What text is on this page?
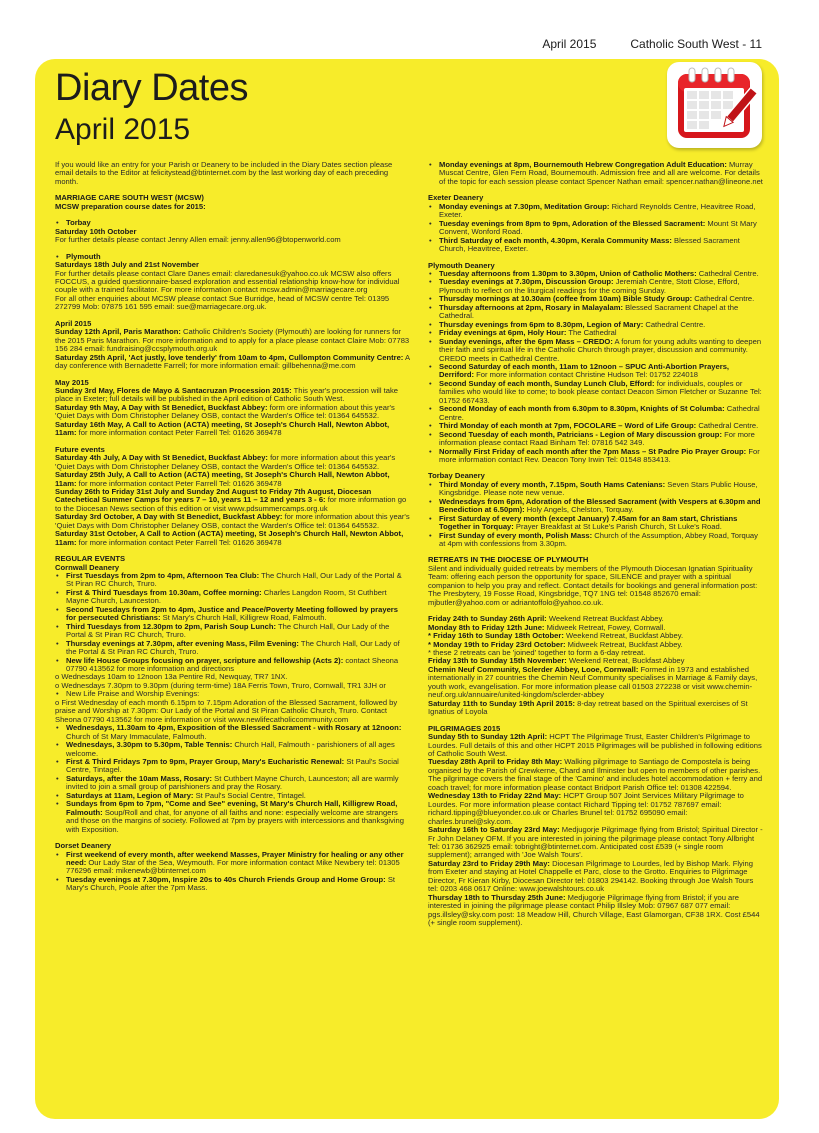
April 2015	Catholic South West - 11
Diary Dates
April 2015

If you would like an entry for your Parish or Deanery to be included in the Diary Dates section please email details to the Editor at felicitystead@btinternet.com by the last working day of each preceding month.

MARRIAGE CARE SOUTH WEST (MCSW)

MCSW preparation course dates for 2015:

• Torbay

Saturday 10th October

For further details please contact Jenny Allen email: jenny.allen96@btopenworld.com

• Plymouth

Saturdays 18th July and 21st November

For further details please contact Clare Danes email: claredanesuk@yahoo.co.uk MCSW also offers FOCCUS, a guided questionnaire-based exploration and essential relationship know-how for individual couple with a trained facilitator. For more information contact mcsw.admin@marriagecare.org

For all other enquiries about MCSW please contact Sue Burridge, head of MCSW centre Tel: 01395 272799 Mob: 07875 161 595 email: sue@marriagecare.org.uk.

April 2015

Sunday 12th April, Paris Marathon: Catholic Children's Society (Plymouth) are looking for runners for the 2015 Paris Marathon. For more information and to apply for a place please contact Claire Mob: 07783 156 284 email: fundraising@ccsplymouth.org.uk

Saturday 25th April, 'Act justly, love tenderly' from 10am to 4pm, Cullompton Community Centre: A day conference with Bernadette Farrell; for more information email: gillbehenna@me.com

May 2015

Sunday 3rd May, Flores de Mayo & Santacruzan Procession 2015: This year's procession will take place in Exeter; full details will be published in the April edition of Catholic South West.

Saturday 9th May, A Day with St Benedict, Buckfast Abbey: form ore information about this year's 'Quiet Days with Dom Christopher Delaney OSB, contact the Warden's Office tel: 01364 645532.

Saturday 16th May, A Call to Action (ACTA) meeting, St Joseph's Church Hall, Newton Abbot, 11am: for more information contact Peter Farrell Tel: 01626 369478

Future events

Saturday 4th July, A Day with St Benedict, Buckfast Abbey: for more information about this year's 'Quiet Days with Dom Christopher Delaney OSB, contact the Warden's Office tel: 01364 645532.

Saturday 25th July, A Call to Action (ACTA) meeting, St Joseph's Church Hall, Newton Abbot, 11am: for more information contact Peter Farrell Tel: 01626 369478

Sunday 26th to Friday 31st July and Sunday 2nd August to Friday 7th August, Diocesan Catechetical Summer Camps for years 7 – 10, years 11 – 12 and years 3 - 6: for more information go to the Diocesan News section of this edition or visit www.pdsummercamps.org.uk

Saturday 3rd October, A Day with St Benedict, Buckfast Abbey: for more information about this year's 'Quiet Days with Dom Christopher Delaney OSB, contact the Warden's Office tel: 01364 645532.

Saturday 31st October, A Call to Action (ACTA) meeting, St Joseph's Church Hall, Newton Abbot, 11am: for more information contact Peter Farrell Tel: 01626 369478

REGULAR EVENTS

Cornwall Deanery

• First Tuesdays from 2pm to 4pm, Afternoon Tea Club: The Church Hall, Our Lady of the Portal & St Piran RC Church, Truro.

• First & Third Tuesdays from 10.30am, Coffee morning: Charles Langdon Room, St Cuthbert Mayne Church, Launceston.

• Second Tuesdays from 2pm to 4pm, Justice and Peace/Poverty Meeting followed by prayers for persecuted Christians: St Mary's Church Hall, Killigrew Road, Falmouth.

• Third Tuesdays from 12.30pm to 2pm, Parish Soup Lunch: The Church Hall, Our Lady of the Portal & St Piran RC Church, Truro.

• Thursday evenings at 7.30pm, after evening Mass, Film Evening: The Church Hall, Our Lady of the Portal & St Piran RC Church, Truro.

• New life House Groups focusing on prayer, scripture and fellowship (Acts 2): contact Sheona 07790 413562 for more information and directions

o Wednesdays 10am to 12noon 13a Pentire Rd, Newquay, TR7 1NX.

o Wednesdays 7.30pm to 9.30pm (during term-time) 18A Ferris Town, Truro, Cornwall, TR1 3JH or

• New Life Praise and Worship Evenings:

o First Wednesday of each month 6.15pm to 7.15pm Adoration of the Blessed Sacrament, followed by praise and Worship at 7.30pm: Our Lady of the Portal and St Piran Catholic Church, Truro. Contact Sheona 07790 413562 for more information or visit www.newlifecatholiccommunity.com

• Wednesdays, 11.30am to 4pm, Exposition of the Blessed Sacrament - with Rosary at 12noon: Church of St Mary Immaculate, Falmouth.

• Wednesdays, 3.30pm to 5.30pm, Table Tennis: Church Hall, Falmouth - parishioners of all ages welcome.

• First & Third Fridays 7pm to 9pm, Prayer Group, Mary's Eucharistic Renewal: St Paul's Social Centre, Tintagel.

• Saturdays, after the 10am Mass, Rosary: St Cuthbert Mayne Church, Launceston; all are warmly invited to join a small group of parishioners and pray the Rosary.

• Saturdays at 11am, Legion of Mary: St Paul's Social Centre, Tintagel.

• Sundays from 6pm to 7pm, "Come and See" evening, St Mary's Church Hall, Killigrew Road, Falmouth: Soup/Roll and chat, for anyone of all faiths and none: especially welcome are strangers and those on the margins of society. Followed at 7pm by prayers with intercessions and thanksgiving with Exposition.

Dorset Deanery

• First weekend of every month, after weekend Masses, Prayer Ministry for healing or any other need: Our Lady Star of the Sea, Weymouth. For more information contact Mike Newbery tel: 01305 776296 email: mikenewb@btinternet.com

• Tuesday evenings at 7.30pm, Inspire 20s to 40s Church Friends Group and Home Group: St Mary's Church, Poole after the 7pm Mass.

• Monday evenings at 8pm, Bournemouth Hebrew Congregation Adult Education: Murray Muscat Centre, Glen Fern Road, Bournemouth. Admission free and all are welcome. For details of the topic for each session please contact Spencer Nathan email: spencer.nathan@lineone.net

Exeter Deanery

• Monday evenings at 7.30pm, Meditation Group: Richard Reynolds Centre, Heavitree Road, Exeter.

• Tuesday evenings from 8pm to 9pm, Adoration of the Blessed Sacrament: Mount St Mary Convent, Wonford Road.

• Third Saturday of each month, 4.30pm, Kerala Community Mass: Blessed Sacrament Church, Heavitree, Exeter.

Plymouth Deanery

• Tuesday afternoons from 1.30pm to 3.30pm, Union of Catholic Mothers: Cathedral Centre.

• Tuesday evenings at 7.30pm, Discussion Group: Jeremiah Centre, Stott Close, Efford, Plymouth to reflect on the liturgical readings for the coming Sunday.

• Thursday mornings at 10.30am (coffee from 10am) Bible Study Group: Cathedral Centre.

• Thursday afternoons at 2pm, Rosary in Malayalam: Blessed Sacrament Chapel at the Cathedral.

• Thursday evenings from 6pm to 8.30pm, Legion of Mary: Cathedral Centre.

• Friday evenings at 6pm, Holy Hour: The Cathedral

• Sunday evenings, after the 6pm Mass – CREDO: A forum for young adults wanting to deepen their faith and spiritual life in the Catholic Church through prayer, discussion and community. CREDO meets in Cathedral Centre.

• Second Saturday of each month, 11am to 12noon – SPUC Anti-Abortion Prayers, Derriford: For more information contact Christine Hudson Tel: 01752 224018

• Second Sunday of each month, Sunday Lunch Club, Efford: for individuals, couples or families who would like to come; to book please contact Deacon Simon Fletcher or Suzanne Tel: 01752 667433.

• Second Monday of each month from 6.30pm to 8.30pm, Knights of St Columba: Cathedral Centre.

• Third Monday of each month at 7pm, FOCOLARE – Word of Life Group: Cathedral Centre.

• Second Tuesday of each month, Patricians - Legion of Mary discussion group: For more information please contact Raad Binham Tel: 07816 542 349.

• Normally First Friday of each month after the 7pm Mass – St Padre Pio Prayer Group: For more information contact Rev. Deacon Tony Irwin Tel: 01548 853413.

Torbay Deanery

• Third Monday of every month, 7.15pm, South Hams Catenians: Seven Stars Public House, Kingsbridge. Please note new venue.

• Wednesdays from 6pm, Adoration of the Blessed Sacrament (with Vespers at 6.30pm and Benediction at 6.50pm): Holy Angels, Chelston, Torquay.

• First Saturday of every month (except January) 7.45am for an 8am start, Christians Together in Torquay: Prayer Breakfast at St Luke's Parish Church, St Luke's Road.

• First Sunday of every month, Polish Mass: Church of the Assumption, Abbey Road, Torquay at 4pm with confessions from 3.30pm.

RETREATS IN THE DIOCESE OF PLYMOUTH

Silent and individually guided retreats by members of the Plymouth Diocesan Ignatian Spirituality Team: offering each person the opportunity for space, SILENCE and prayer with a spiritual companion to help you pray and reflect. Contact details for bookings and general information post: The Presbytery, 19 Fosse Road, Kingsbridge, TQ7 1NG tel: 01548 852670 email: mjbutler@yahoo.com or adriantoffolo@yahoo.co.uk.

Friday 24th to Sunday 26th April: Weekend Retreat Buckfast Abbey.

Monday 8th to Friday 12th June: Midweek Retreat, Fowey, Cornwall.

* Friday 16th to Sunday 18th October: Weekend Retreat, Buckfast Abbey.

* Monday 19th to Friday 23rd October: Midweek Retreat, Buckfast Abbey.

* these 2 retreats can be 'joined' together to form a 6-day retreat.

Friday 13th to Sunday 15th November: Weekend Retreat, Buckfast Abbey

Chemin Neuf Community, Sclerder Abbey, Looe, Cornwall: Formed in 1973 and established internationally in 27 countries the Chemin Neuf Community specialises in Marriage & Family days, youth work, evangelisation. For more information please call 01503 272238 or visit www.chemin-neuf.org.uk/annuaire/united-kingdom/sclerder-abbey

Saturday 11th to Sunday 19th April 2015: 8-day retreat based on the Spiritual exercises of St Ignatius of Loyola

PILGRIMAGES 2015

Sunday 5th to Sunday 12th April: HCPT The Pilgrimage Trust, Easter Children's Pilgrimage to Lourdes. Full details of this and other HCPT 2015 Pilgrimages will be published in following editions of Catholic South West.

Tuesday 28th April to Friday 8th May: Walking pilgrimage to Santiago de Compostela is being organised by the Parish of Crewkerne, Chard and Ilminster but open to members of other parishes. The pilgrimage covers the final stage of the 'Camino' and includes hotel accommodation + ferry and coach travel; for more information please contact Bridport Parish Office tel: 01308 422594.

Wednesday 13th to Friday 22nd May: HCPT Group 507 Joint Services Military Pilgrimage to Lourdes. For more information please contact Richard Tipping tel: 01752 787697 email: richard.tipping@blueyonder.co.uk or Charles Brunel tel: 01752 695090 email: charles.brunel@sky.com.

Saturday 16th to Saturday 23rd May: Medjugorje Pilgrimage flying from Bristol; Spiritual Director - Fr John Delaney OFM. If you are interested in joining the pilgrimage please contact Tony Allbright Tel: 01736 362925 email: tobright@btinternet.com. Anticipated cost £539 (+ single room supplement); arranged with 'Joe Walsh Tours'.

Saturday 23rd to Friday 29th May: Diocesan Pilgrimage to Lourdes, led by Bishop Mark. Flying from Exeter and staying at Hotel Chappelle et Parc, close to the Grotto. Enquiries to Pilgrimage Director, Fr Kieran Kirby, Diocesan Director tel: 01803 294142. Booking through Joe Walsh Tours tel: 0203 468 0617 Online: www.joewalshtours.co.uk

Thursday 18th to Thursday 25th June: Medjugorje Pilgrimage flying from Bristol; if you are interested in joining the pilgrimage please contact Philip Illsley Mob: 07967 687 077 email: pgs.illsley@sky.com post: 18 Meadow Hill, Church Village, East Glamorgan, CF38 1RX. Cost £544 (+ single room supplement).
